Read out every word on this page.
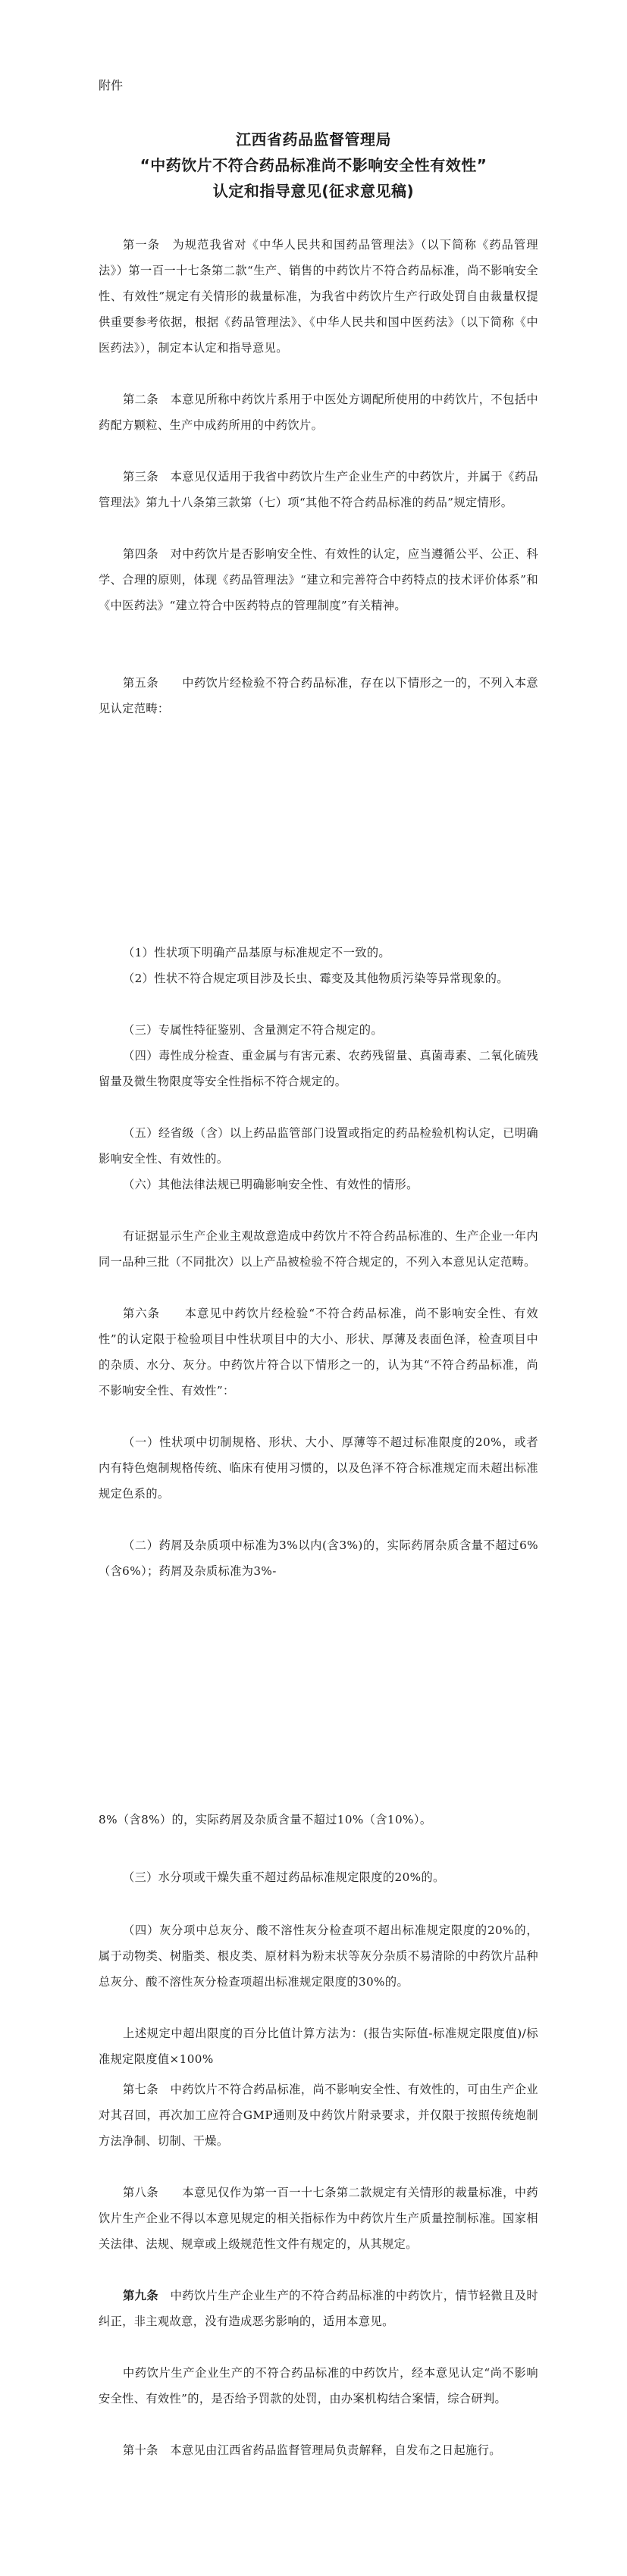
附件
江西省药品监督管理局
“中药饮片不符合药品标准尚不影响安全性有效性”
认定和指导意见(征求意见稿)
第一条　为规范我省对《中华人民共和国药品管理法》（以下简称《药品管理法》）第一百一十七条第二款“生产、销售的中药饮片不符合药品标准，尚不影响安全性、有效性”规定有关情形的裁量标准，为我省中药饮片生产行政处罚自由裁量权提供重要参考依据，根据《药品管理法》、《中华人民共和国中医药法》（以下简称《中医药法》），制定本认定和指导意见。
第二条　本意见所称中药饮片系用于中医处方调配所使用的中药饮片，不包括中药配方颗粒、生产中成药所用的中药饮片。
第三条　本意见仅适用于我省中药饮片生产企业生产的中药饮片，并属于《药品管理法》第九十八条第三款第（七）项“其他不符合药品标准的药品”规定情形。
第四条　对中药饮片是否影响安全性、有效性的认定，应当遵循公平、公正、科学、合理的原则，体现《药品管理法》“建立和完善符合中药特点的技术评价体系”和《中医药法》“建立符合中医药特点的管理制度”有关精神。
第五条　　中药饮片经检验不符合药品标准，存在以下情形之一的，不列入本意见认定范畴：
（1）性状项下明确产品基原与标准规定不一致的。
（2）性状不符合规定项目涉及长虫、霉变及其他物质污染等异常现象的。
（三）专属性特征鉴别、含量测定不符合规定的。
（四）毒性成分检查、重金属与有害元素、农药残留量、真菌毒素、二氧化硫残留量及微生物限度等安全性指标不符合规定的。
（五）经省级（含）以上药品监管部门设置或指定的药品检验机构认定，已明确影响安全性、有效性的。
（六）其他法律法规已明确影响安全性、有效性的情形。
有证据显示生产企业主观故意造成中药饮片不符合药品标准的、生产企业一年内同一品种三批（不同批次）以上产品被检验不符合规定的，不列入本意见认定范畴。
第六条　　本意见中药饮片经检验“不符合药品标准，尚不影响安全性、有效性”的认定限于检验项目中性状项目中的大小、形状、厚薄及表面色泽，检查项目中的杂质、水分、灰分。中药饮片符合以下情形之一的，认为其“不符合药品标准，尚不影响安全性、有效性”：
（一）性状项中切制规格、形状、大小、厚薄等不超过标准限度的20%，或者内有特色炮制规格传统、临床有使用习惯的，以及色泽不符合标准规定而未超出标准规定色系的。
（二）药屑及杂质项中标准为3%以内(含3%)的，实际药屑杂质含量不超过6%（含6%）；药屑及杂质标准为3%-
8%（含8%）的，实际药屑及杂质含量不超过10%（含10%）。
（三）水分项或干燥失重不超过药品标准规定限度的20%的。
（四）灰分项中总灰分、酸不溶性灰分检查项不超出标准规定限度的20%的，属于动物类、树脂类、根皮类、原材料为粉末状等灰分杂质不易清除的中药饮片品种总灰分、酸不溶性灰分检查项超出标准规定限度的30%的。
上述规定中超出限度的百分比值计算方法为：(报告实际值-标准规定限度值)/标准规定限度值×100%
第七条　中药饮片不符合药品标准，尚不影响安全性、有效性的，可由生产企业对其召回，再次加工应符合GMP通则及中药饮片附录要求，并仅限于按照传统炮制方法净制、切制、干燥。
第八条　　本意见仅作为第一百一十七条第二款规定有关情形的裁量标准，中药饮片生产企业不得以本意见规定的相关指标作为中药饮片生产质量控制标准。国家相关法律、法规、规章或上级规范性文件有规定的，从其规定。
第九条　中药饮片生产企业生产的不符合药品标准的中药饮片，情节轻微且及时纠正，非主观故意，没有造成恶劣影响的，适用本意见。
中药饮片生产企业生产的不符合药品标准的中药饮片，经本意见认定“尚不影响安全性、有效性”的，是否给予罚款的处罚，由办案机构结合案情，综合研判。
第十条　本意见由江西省药品监督管理局负责解释，自发布之日起施行。
